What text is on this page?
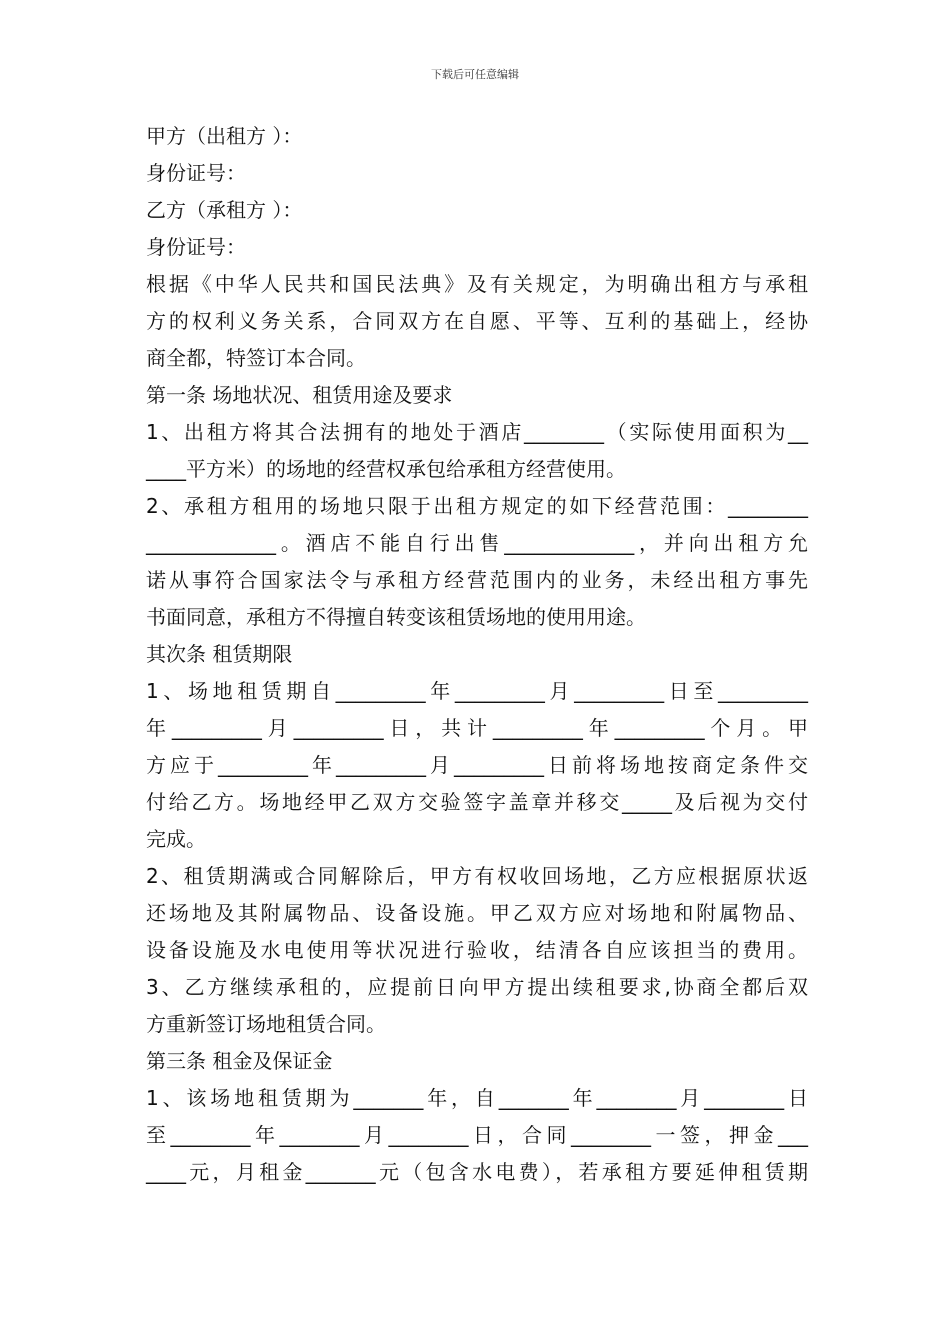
下载后可任意编辑
甲方（出租方 ）：
身份证号：
乙方（承租方 ）：
身份证号：
根据《中华人民共和国民法典》及有关规定，为明确出租方与承租
方的权利义务关系，合同双方在自愿、平等、互利的基础上，经协
商全都，特签订本合同。
第一条 场地状况、租赁用途及要求
1、出租方将其合法拥有的地处于酒店________（实际使用面积为__
____平方米）的场地的经营权承包给承租方经营使用。
2、承租方租用的场地只限于出租方规定的如下经营范围：________
_____________。酒店不能自行出售_____________，并向出租方允
诺从事符合国家法令与承租方经营范围内的业务，未经出租方事先
书面同意，承租方不得擅自转变该租赁场地的使用用途。
其次条 租赁期限
1、场地租赁期自_________年_________月_________日至_________
年_________月_________日，共计_________年_________个月。甲
方应于_________年_________月_________日前将场地按商定条件交
付给乙方。场地经甲乙双方交验签字盖章并移交_____及后视为交付
完成。
2、租赁期满或合同解除后，甲方有权收回场地，乙方应根据原状返
还场地及其附属物品、设备设施。甲乙双方应对场地和附属物品、
设备设施及水电使用等状况进行验收，结清各自应该担当的费用。
3、乙方继续承租的，应提前日向甲方提出续租要求,协商全都后双
方重新签订场地租赁合同。
第三条 租金及保证金
1、该场地租赁期为_______年，自_______年________月________日
至________年________月________日，合同________一签，押金___
____元，月租金_______元（包含水电费），若承租方要延伸租赁期
